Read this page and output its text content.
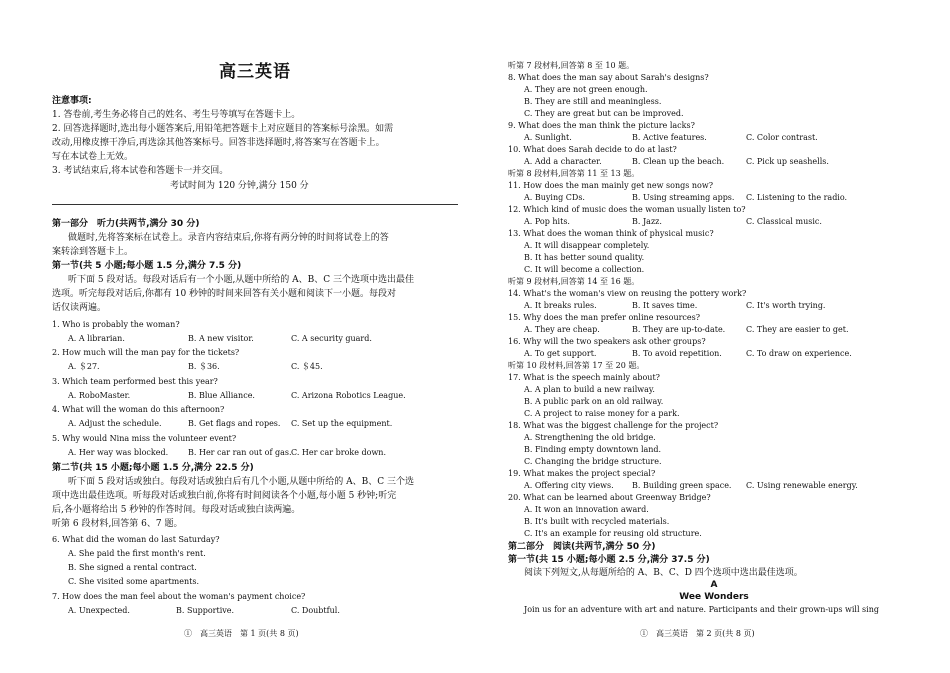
高三英语
注意事项:
1. 答卷前,考生务必将自己的姓名、考生号等填写在答题卡上。
2. 回答选择题时,选出每小题答案后,用铅笔把答题卡上对应题目的答案标号涂黑。如需
改动,用橡皮擦干净后,再选涂其他答案标号。回答非选择题时,将答案写在答题卡上。
写在本试卷上无效。
3. 考试结束后,将本试卷和答题卡一并交回。
考试时间为 120 分钟,满分 150 分
第一部分　听力(共两节,满分 30 分)
做题时,先将答案标在试卷上。录音内容结束后,你将有两分钟的时间将试卷上的答
案转涂到答题卡上。
第一节(共 5 小题;每小题 1.5 分,满分 7.5 分)
听下面 5 段对话。每段对话后有一个小题,从题中所给的 A、B、C 三个选项中选出最佳
选项。听完每段对话后,你都有 10 秒钟的时间来回答有关小题和阅读下一小题。每段对
话仅读两遍。
1. Who is probably the woman?
A. A librarian.	B. A new visitor.	C. A security guard.
2. How much will the man pay for the tickets?
A. ＄27.	B. ＄36.	C. ＄45.
3. Which team performed best this year?
A. RoboMaster.	B. Blue Alliance.	C. Arizona Robotics League.
4. What will the woman do this afternoon?
A. Adjust the schedule.	B. Get flags and ropes. C. Set up the equipment.
5. Why would Nina miss the volunteer event?
A. Her way was blocked. B. Her car ran out of gas. C. Her car broke down.
第二节(共 15 小题;每小题 1.5 分,满分 22.5 分)
听下面 5 段对话或独白。每段对话或独白后有几个小题,从题中所给的 A、B、C 三个选
项中选出最佳选项。听每段对话或独白前,你将有时间阅读各个小题,每小题 5 秒钟;听完
后,各小题将给出 5 秒钟的作答时间。每段对话或独白读两遍。
听第 6 段材料,回答第 6、7 题。
6. What did the woman do last Saturday?
A. She paid the first month's rent.
B. She signed a rental contract.
C. She visited some apartments.
7. How does the man feel about the woman's payment choice?
A. Unexpected.	B. Supportive.	C. Doubtful.
①　高三英语　第 1 页(共 8 页)
听第 7 段材料,回答第 8 至 10 题。
8. What does the man say about Sarah's designs?
A. They are not green enough.
B. They are still and meaningless.
C. They are great but can be improved.
9. What does the man think the picture lacks?
A. Sunlight.	B. Active features.	C. Color contrast.
10. What does Sarah decide to do at last?
A. Add a character.	B. Clean up the beach.	C. Pick up seashells.
听第 8 段材料,回答第 11 至 13 题。
11. How does the man mainly get new songs now?
A. Buying CDs.	B. Using streaming apps. C. Listening to the radio.
12. Which kind of music does the woman usually listen to?
A. Pop hits.	B. Jazz.	C. Classical music.
13. What does the woman think of physical music?
A. It will disappear completely.
B. It has better sound quality.
C. It will become a collection.
听第 9 段材料,回答第 14 至 16 题。
14. What's the woman's view on reusing the pottery work?
A. It breaks rules.	B. It saves time.	C. It's worth trying.
15. Why does the man prefer online resources?
A. They are cheap.	B. They are up-to-date.	C. They are easier to get.
16. Why will the two speakers ask other groups?
A. To get support.	B. To avoid repetition.	C. To draw on experience.
听第 10 段材料,回答第 17 至 20 题。
17. What is the speech mainly about?
A. A plan to build a new railway.
B. A public park on an old railway.
C. A project to raise money for a park.
18. What was the biggest challenge for the project?
A. Strengthening the old bridge.
B. Finding empty downtown land.
C. Changing the bridge structure.
19. What makes the project special?
A. Offering city views. B. Building green space. C. Using renewable energy.
20. What can be learned about Greenway Bridge?
A. It won an innovation award.
B. It's built with recycled materials.
C. It's an example for reusing old structure.
第二部分　阅读(共两节,满分 50 分)
第一节(共 15 小题;每小题 2.5 分,满分 37.5 分)
阅读下列短文,从每题所给的 A、B、C、D 四个选项中选出最佳选项。
A
Wee Wonders
Join us for an adventure with art and nature. Participants and their grown-ups will sing
①　高三英语　第 2 页(共 8 页)
